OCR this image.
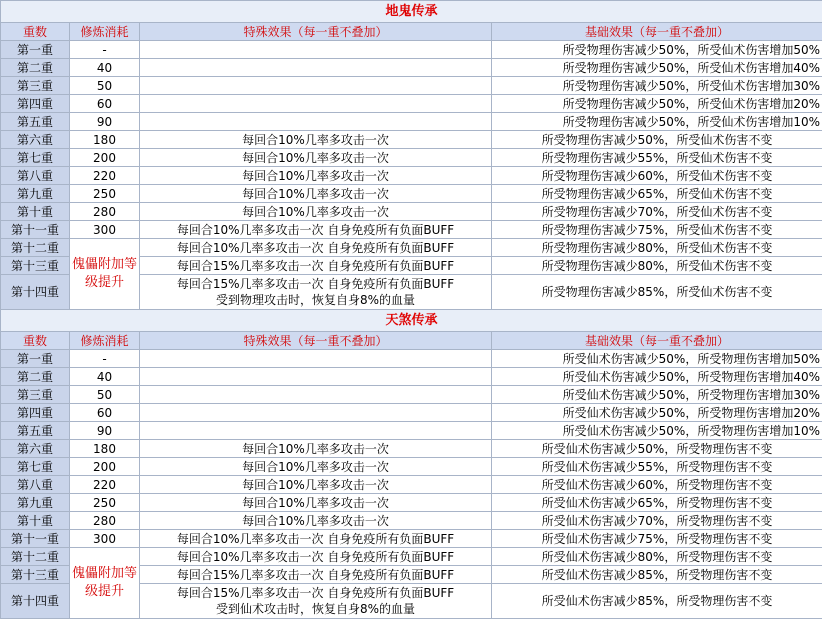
地鬼传承			
重数	修炼消耗	特殊效果（每一重不叠加）	基础效果（每一重不叠加）
第一重	-		所受物理伤害减少50%，所受仙术伤害增加50%
第二重	40		所受物理伤害减少50%，所受仙术伤害增加40%
第三重	50		所受物理伤害减少50%，所受仙术伤害增加30%
第四重	60		所受物理伤害减少50%，所受仙术伤害增加20%
第五重	90		所受物理伤害减少50%，所受仙术伤害增加10%
第六重	180	每回合10%几率多攻击一次	所受物理伤害减少50%，所受仙术伤害不变
第七重	200	每回合10%几率多攻击一次	所受物理伤害减少55%，所受仙术伤害不变
第八重	220	每回合10%几率多攻击一次	所受物理伤害减少60%，所受仙术伤害不变
第九重	250	每回合10%几率多攻击一次	所受物理伤害减少65%，所受仙术伤害不变
第十重	280	每回合10%几率多攻击一次	所受物理伤害减少70%，所受仙术伤害不变
第十一重	300	每回合10%几率多攻击一次 自身免疫所有负面BUFF	所受物理伤害减少75%，所受仙术伤害不变
第十二重	傀儡附加等级提升	每回合10%几率多攻击一次 自身免疫所有负面BUFF	所受物理伤害减少80%，所受仙术伤害不变
第十三重		每回合15%几率多攻击一次 自身免疫所有负面BUFF	所受物理伤害减少80%，所受仙术伤害不变
第十四重		每回合15%几率多攻击一次 自身免疫所有负面BUFF
受到物理攻击时，恢复自身8%的血量	所受物理伤害减少85%，所受仙术伤害不变
天煞传承			
重数	修炼消耗	特殊效果（每一重不叠加）	基础效果（每一重不叠加）
第一重	-		所受仙术伤害减少50%，所受物理伤害增加50%
第二重	40		所受仙术伤害减少50%，所受物理伤害增加40%
第三重	50		所受仙术伤害减少50%，所受物理伤害增加30%
第四重	60		所受仙术伤害减少50%，所受物理伤害增加20%
第五重	90		所受仙术伤害减少50%，所受物理伤害增加10%
第六重	180	每回合10%几率多攻击一次	所受仙术伤害减少50%，所受物理伤害不变
第七重	200	每回合10%几率多攻击一次	所受仙术伤害减少55%，所受物理伤害不变
第八重	220	每回合10%几率多攻击一次	所受仙术伤害减少60%，所受物理伤害不变
第九重	250	每回合10%几率多攻击一次	所受仙术伤害减少65%，所受物理伤害不变
第十重	280	每回合10%几率多攻击一次	所受仙术伤害减少70%，所受物理伤害不变
第十一重	300	每回合10%几率多攻击一次 自身免疫所有负面BUFF	所受仙术伤害减少75%，所受物理伤害不变
第十二重	傀儡附加等级提升	每回合10%几率多攻击一次 自身免疫所有负面BUFF	所受仙术伤害减少80%，所受物理伤害不变
第十三重		每回合15%几率多攻击一次 自身免疫所有负面BUFF	所受仙术伤害减少85%，所受物理伤害不变
第十四重		每回合15%几率多攻击一次 自身免疫所有负面BUFF
受到仙术攻击时，恢复自身8%的血量	所受仙术伤害减少85%，所受物理伤害不变
